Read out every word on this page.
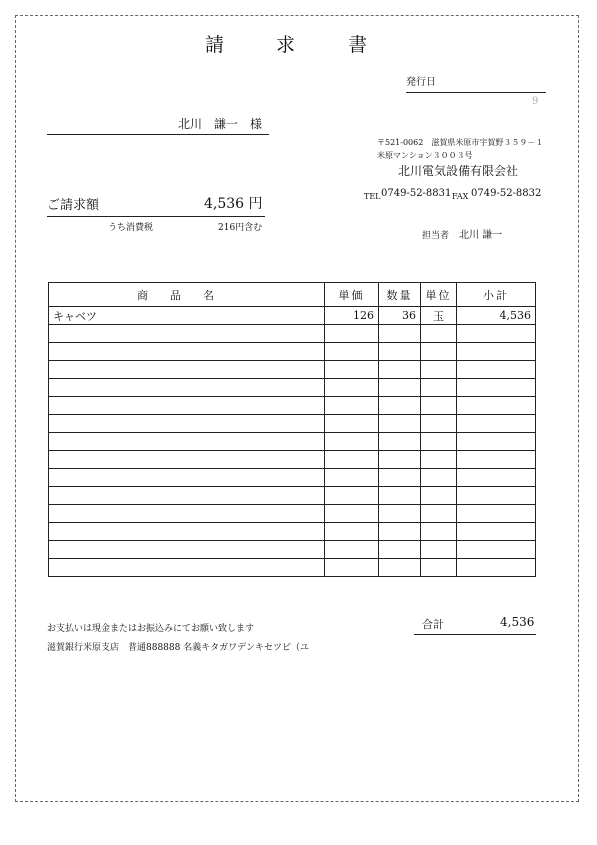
請	求	書
発行日
9
北川　謙一　様
〒521-0062　滋賀県米原市宇賀野３５９－１
米原マンション３００３号
北川電気設備有限会社
TEL 0749-52-8831 FAX 0749-52-8832
担当者 北川 謙一
ご請求額	4,536 円
うち消費税	216円含む
商品名	単価	数量	単位	小計
キャベツ	126	36	玉	4,536

お支払いは現金またはお振込みにてお願い致します
滋賀銀行米原支店　普通888888 名義キタガワデンキセツビ（ユ
合計	4,536
